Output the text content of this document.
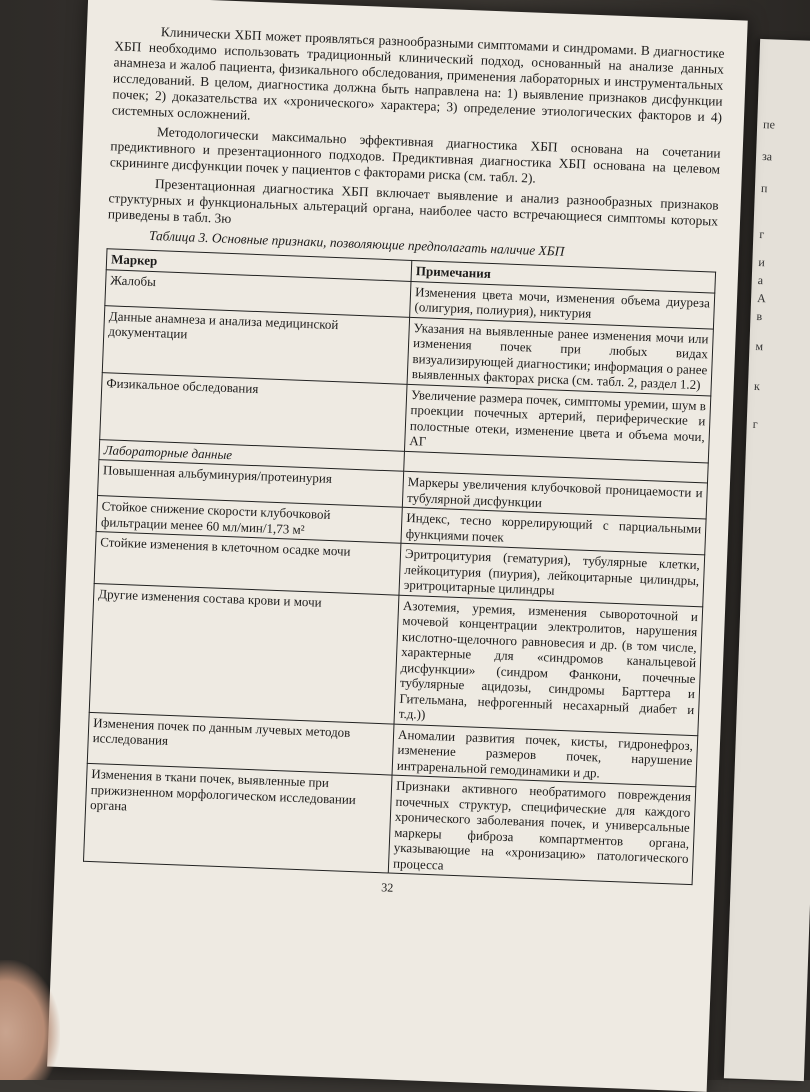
пе
за
п
г
и
а
А
в
м
к
г

Клинически ХБП может проявляться разнообразными симптомами и синдромами. В диагностике ХБП необходимо использовать традиционный клинический подход, основанный на анализе данных анамнеза и жалоб пациента, физикального обследования, применения лабораторных и инструментальных исследований. В целом, диагностика должна быть направлена на: 1) выявление признаков дисфункции почек; 2) доказательства их «хронического» характера; 3) определение этиологических факторов и 4) системных осложнений.

Методологически максимально эффективная диагностика ХБП основана на сочетании предиктивного и презентационного подходов. Предиктивная диагностика ХБП основана на целевом скрининге дисфункции почек у пациентов с факторами риска (см. табл. 2).

Презентационная диагностика ХБП включает выявление и анализ разнообразных признаков структурных и функциональных альтераций органа, наиболее часто встречающиеся симптомы которых приведены в табл. 3ю

Таблица 3. Основные признаки, позволяющие предполагать наличие ХБП
Маркер	Примечания
Жалобы	Изменения цвета мочи, изменения объема диуреза (олигурия, полиурия), никтурия
Данные анамнеза и анализа медицинской документации	Указания на выявленные ранее изменения мочи или изменения почек при любых видах визуализирующей диагностики; информация о ранее выявленных факторах риска (см. табл. 2, раздел 1.2)
Физикальное обследования	Увеличение размера почек, симптомы уремии, шум в проекции почечных артерий, периферические и полостные отеки, изменение цвета и объема мочи, АГ
Лабораторные данные	
Повышенная альбуминурия/протеинурия	Маркеры увеличения клубочковой проницаемости и тубулярной дисфункции
Стойкое снижение скорости клубочковой фильтрации менее 60 мл/мин/1,73 м²	Индекс, тесно коррелирующий с парциальными функциями почек
Стойкие изменения в клеточном осадке мочи	Эритроцитурия (гематурия), тубулярные клетки, лейкоцитурия (пиурия), лейкоцитарные цилиндры, эритроцитарные цилиндры
Другие изменения состава крови и мочи	Азотемия, уремия, изменения сывороточной и мочевой концентрации электролитов, нарушения кислотно-щелочного равновесия и др. (в том числе, характерные для «синдромов канальцевой дисфункции» (синдром Фанкони, почечные тубулярные ацидозы, синдромы Барттера и Гительмана, нефрогенный несахарный диабет и т.д.))
Изменения почек по данным лучевых методов исследования	Аномалии развития почек, кисты, гидронефроз, изменение размеров почек, нарушение интраренальной гемодинамики и др.
Изменения в ткани почек, выявленные при прижизненном морфологическом исследовании органа	Признаки активного необратимого повреждения почечных структур, специфические для каждого хронического заболевания почек, и универсальные маркеры фиброза компартментов органа, указывающие на «хронизацию» патологического процесса
32
